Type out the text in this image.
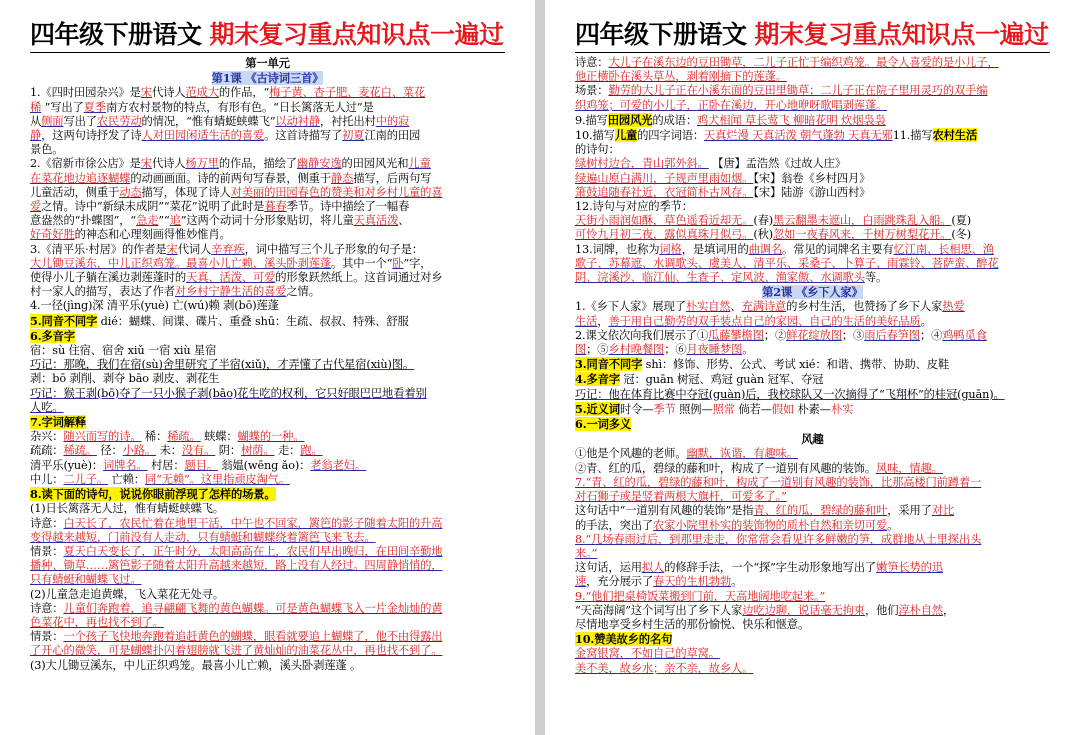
四年级下册语文 期末复习重点知识点一遍过
第一单元
第1课 《古诗词三首》
1.《四时田园杂兴》是宋代诗人范成大的作品，“梅子黄、杏子肥、麦花白、菜花
稀 ”写出了夏季南方农村景物的特点，有形有色。“日长篱落无人过”是
从侧面写出了农民劳动的情况，“惟有蜻蜓蛱蝶飞”以动衬静，衬托出村中的寂
静，这两句诗抒发了诗人对田园闲适生活的喜爱。这首诗描写了初夏江南的田园
景色。
2.《宿新市徐公店》是宋代诗人杨万里的作品，描绘了幽静安逸的田园风光和儿童
在菜花地边追逐蝴蝶的动画画面。诗的前两句写春景，侧重于静态描写，后两句写
儿童活动，侧重于动态描写，体现了诗人对美丽的田园春色的赞美和对乡村儿童的喜
爱之情。诗中“新绿未成阴”“菜花”说明了此时是暮春季节。诗中描绘了一幅春
意盎然的“扑蝶图”，“急走”“追”这两个动词十分形象贴切，将儿童天真活泼、
好奇好胜的神态和心理刻画得惟妙惟肖。
3.《清平乐·村居》的作者是宋代词人辛弃疾，词中描写三个儿子形象的句子是：
大儿锄豆溪东，中儿正织鸡笼。最喜小儿亡赖，溪头卧剥莲蓬。其中一个“卧”字，
使得小儿子躺在溪边剥莲蓬时的天真、活泼、可爱的形象跃然纸上。这首词通过对乡
村一家人的描写，表达了作者对乡村宁静生活的喜爱之情。
4.一径(jìng)深 清平乐(yuè) 亡(wú)赖 剥(bō)莲蓬
5.同音不同字 dié：蝴蝶、间谍、碟片、重叠 shū：生疏、叔叔、特殊、舒服
6.多音字
宿：sù 住宿、宿舍 xiǔ 一宿 xiù 星宿
巧记：那晚，我们在宿(sù)舍里研究了半宿(xiǔ)，才弄懂了古代星宿(xiù)图。
剥：bō 剥削、剥夺 bāo 剥皮、剥花生
巧记：猴王剥(bō)夺了一只小猴子剥(bāo)花生吃的权利，它只好眼巴巴地看着别
人吃。
7.字词解释
杂兴：随兴而写的诗。 稀：稀疏。 蛱蝶：蝴蝶的一种。
疏疏：稀疏。 径：小路。 未：没有。 阴：树荫。 走：跑。
清平乐(yuè)：词牌名。 村居：题目。 翁媪(wēng ǎo)：老翁老妇。
中儿：二儿子。 亡赖：同“无赖”。这里指顽皮淘气。
8.读下面的诗句，说说你眼前浮现了怎样的场景。
(1)日长篱落无人过，惟有蜻蜓蛱蝶飞。
诗意：白天长了，农民忙着在地里干活，中午也不回家，篱笆的影子随着太阳的升高
变得越来越短，门前没有人走动，只有蜻蜓和蝴蝶绕着篱笆飞来飞去。
情景：夏天白天变长了，正午时分，太阳高高在上，农民们早出晚归，在田间辛勤地
播种、锄草……篱笆影子随着太阳升高越来越短，路上没有人经过。四周静悄悄的，
只有蜻蜓和蝴蝶飞过。
(2)儿童急走追黄蝶，飞入菜花无处寻。
诗意：儿童们奔跑着，追寻翩翩飞舞的黄色蝴蝶。可是黄色蝴蝶飞入一片金灿灿的黄
色菜花中，再也找不到了。
情景：一个孩子飞快地奔跑着追赶黄色的蝴蝶，眼看就要追上蝴蝶了，他不由得露出
了开心的微笑，可是蝴蝶扑闪着翅膀就飞进了黄灿灿的油菜花丛中，再也找不到了。
(3)大儿锄豆溪东，中儿正织鸡笼。最喜小儿亡赖，溪头卧剥莲蓬 。
四年级下册语文 期末复习重点知识点一遍过
诗意：大儿子在溪东边的豆田锄草，二儿子正忙于编织鸡笼。最令人喜爱的是小儿子，
他正横卧在溪头草丛，剥着刚摘下的莲蓬。
场景：勤劳的大儿子正在小溪东面的豆田里锄草；二儿子正在院子里用灵巧的双手编
织鸡笼；可爱的小儿子，正卧在溪边，开心地咿呀歌唱剥莲蓬。
9.描写田园风光的成语：鸡犬相闻 草长莺飞 柳暗花明 炊烟袅袅
10.描写儿童的四字词语：天真烂漫 天真活泼 朝气蓬勃 天真无邪11.描写农村生活
的诗句：
绿树村边合，青山郭外斜。 【唐】孟浩然《过故人庄》
绿遍山原白满川，子规声里雨如烟。【宋】翁卷《乡村四月》
箫鼓追随春社近，衣冠简朴古风存。【宋】陆游《游山西村》
12.诗句与对应的季节：
天街小雨润如酥，草色遥看近却无。(春)黑云翻墨未遮山，白雨跳珠乱入船。(夏)
可怜九月初三夜，露似真珠月似弓。(秋)忽如一夜春风来，千树万树梨花开。(冬)
13.词牌，也称为词格，是填词用的曲调名。常见的词牌名主要有忆江南、长相思、渔
歌子、苏幕遮、水调歌头、虞美人、清平乐、采桑子、卜算子、雨霖铃、菩萨蛮、醉花
阴、浣溪沙、临江仙、生查子、定风波、渔家傲、水调歌头等。
第2课 《乡下人家》
1.《乡下人家》展现了朴实自然、充满诗意的乡村生活，也赞扬了乡下人家热爱
生活，善于用自己勤劳的双手装点自己的家园、自己的生活的美好品质。
2.课文依次向我们展示了①瓜藤攀檐图；②鲜花绽放图；③雨后春笋图；④鸡鸭觅食
图；⑤乡村晚餐图；⑥月夜睡梦图。
3.同音不同字 shì：修饰、形势、公式、考试 xié：和谐、携带、协助、皮鞋
4.多音字 冠：guān 树冠、鸡冠 guàn 冠军、夺冠
巧记：他在体育比赛中夺冠(guàn)后，我校球队又一次摘得了“飞翔杯”的桂冠(guān)。
5.近义词时令—季节 照例—照常 倘若—假如 朴素—朴实
6.一词多义
风趣
①他是个风趣的老师。幽默，诙谐，有趣味。
②青、红的瓜，碧绿的藤和叶，构成了一道别有风趣的装饰。风味，情趣。
7.“青、红的瓜，碧绿的藤和叶，构成了一道别有风趣的装饰，比那高楼门前蹲着一
对石狮子或是竖着两根大旗杆，可爱多了。”
这句话中“一道别有风趣的装饰”是指青、红的瓜，碧绿的藤和叶，采用了对比
的手法，突出了农家小院里朴实的装饰物的质朴自然和亲切可爱。
8.“几场春雨过后，到那里走走，你常常会看见许多鲜嫩的笋，成群地从土里探出头
来。”
这句话，运用拟人的修辞手法，一个“探”字生动形象地写出了嫩笋长势的迅
速，充分展示了春天的生机勃勃。
9.“他们把桌椅饭菜搬到门前，天高地阔地吃起来。”
“天高海阔”这个词写出了乡下人家边吃边聊，说话毫无拘束，他们淳朴自然，
尽情地享受乡村生活的那份愉悦、快乐和惬意。
10.赞美故乡的名句
金窝银窝，不如自己的草窝。
美不美，故乡水；亲不亲，故乡人。
